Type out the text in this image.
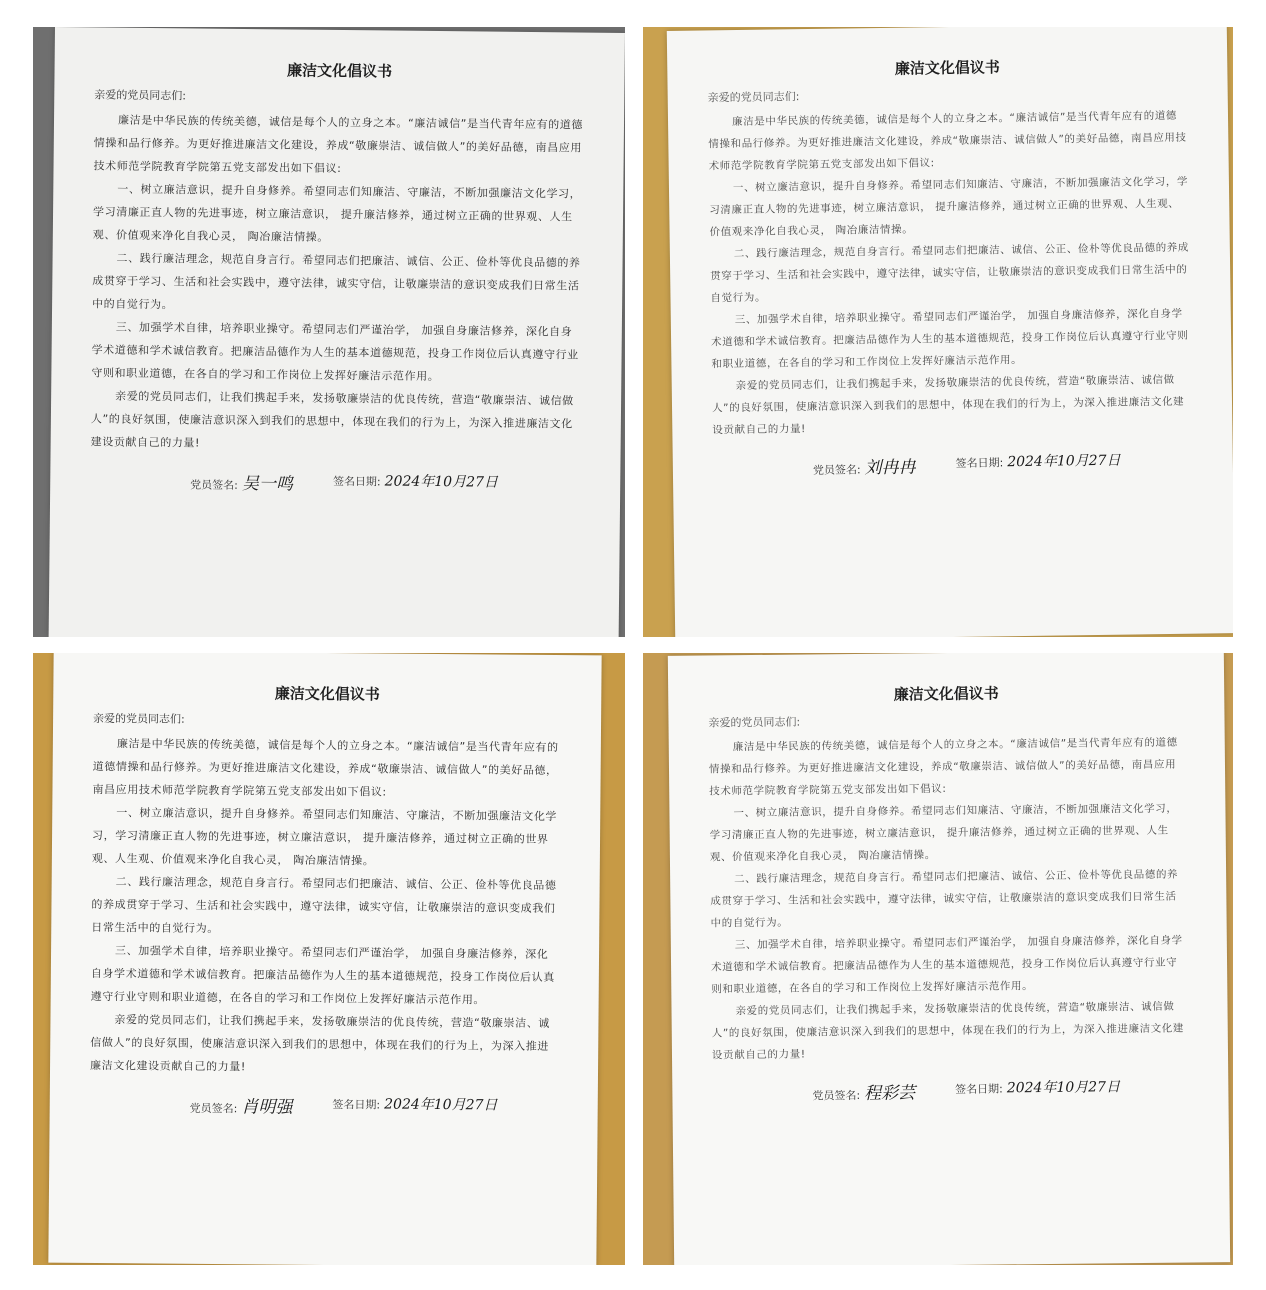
廉洁文化倡议书
亲爱的党员同志们:

廉洁是中华民族的传统美德，诚信是每个人的立身之本。“廉洁诚信”是当代青年应有的道德情操和品行修养。为更好推进廉洁文化建设，养成“敬廉崇洁、诚信做人”的美好品德，南昌应用技术师范学院教育学院第五党支部发出如下倡议:

一、树立廉洁意识，提升自身修养。希望同志们知廉洁、守廉洁，不断加强廉洁文化学习，学习清廉正直人物的先进事迹，树立廉洁意识， 提升廉洁修养，通过树立正确的世界观、人生观、价值观来净化自我心灵， 陶冶廉洁情操。

二、践行廉洁理念，规范自身言行。希望同志们把廉洁、诚信、公正、俭朴等优良品德的养成贯穿于学习、生活和社会实践中，遵守法律，诚实守信，让敬廉崇洁的意识变成我们日常生活中的自觉行为。

三、加强学术自律，培养职业操守。希望同志们严谨治学， 加强自身廉洁修养，深化自身学术道德和学术诚信教育。把廉洁品德作为人生的基本道德规范，投身工作岗位后认真遵守行业守则和职业道德，在各自的学习和工作岗位上发挥好廉洁示范作用。

亲爱的党员同志们，让我们携起手来，发扬敬廉崇洁的优良传统，营造“敬廉崇洁、诚信做人”的良好氛围，使廉洁意识深入到我们的思想中，体现在我们的行为上，为深入推进廉洁文化建设贡献自己的力量!

党员签名: 吴一鸣	签名日期: 2024年10月27日
廉洁文化倡议书
亲爱的党员同志们:

廉洁是中华民族的传统美德，诚信是每个人的立身之本。“廉洁诚信”是当代青年应有的道德情操和品行修养。为更好推进廉洁文化建设，养成“敬廉崇洁、诚信做人”的美好品德，南昌应用技术师范学院教育学院第五党支部发出如下倡议:

一、树立廉洁意识，提升自身修养。希望同志们知廉洁、守廉洁，不断加强廉洁文化学习，学习清廉正直人物的先进事迹，树立廉洁意识， 提升廉洁修养，通过树立正确的世界观、人生观、价值观来净化自我心灵， 陶冶廉洁情操。

二、践行廉洁理念，规范自身言行。希望同志们把廉洁、诚信、公正、俭朴等优良品德的养成贯穿于学习、生活和社会实践中，遵守法律，诚实守信，让敬廉崇洁的意识变成我们日常生活中的自觉行为。

三、加强学术自律，培养职业操守。希望同志们严谨治学， 加强自身廉洁修养，深化自身学术道德和学术诚信教育。把廉洁品德作为人生的基本道德规范，投身工作岗位后认真遵守行业守则和职业道德，在各自的学习和工作岗位上发挥好廉洁示范作用。

亲爱的党员同志们，让我们携起手来，发扬敬廉崇洁的优良传统，营造“敬廉崇洁、诚信做人”的良好氛围，使廉洁意识深入到我们的思想中，体现在我们的行为上，为深入推进廉洁文化建设贡献自己的力量!

党员签名: 刘冉冉	签名日期: 2024年10月27日
廉洁文化倡议书
亲爱的党员同志们:

廉洁是中华民族的传统美德，诚信是每个人的立身之本。“廉洁诚信”是当代青年应有的道德情操和品行修养。为更好推进廉洁文化建设，养成“敬廉崇洁、诚信做人”的美好品德，南昌应用技术师范学院教育学院第五党支部发出如下倡议:

一、树立廉洁意识，提升自身修养。希望同志们知廉洁、守廉洁，不断加强廉洁文化学习，学习清廉正直人物的先进事迹，树立廉洁意识， 提升廉洁修养，通过树立正确的世界观、人生观、价值观来净化自我心灵， 陶冶廉洁情操。

二、践行廉洁理念，规范自身言行。希望同志们把廉洁、诚信、公正、俭朴等优良品德的养成贯穿于学习、生活和社会实践中，遵守法律，诚实守信，让敬廉崇洁的意识变成我们日常生活中的自觉行为。

三、加强学术自律，培养职业操守。希望同志们严谨治学， 加强自身廉洁修养，深化自身学术道德和学术诚信教育。把廉洁品德作为人生的基本道德规范，投身工作岗位后认真遵守行业守则和职业道德，在各自的学习和工作岗位上发挥好廉洁示范作用。

亲爱的党员同志们，让我们携起手来，发扬敬廉崇洁的优良传统，营造“敬廉崇洁、诚信做人”的良好氛围，使廉洁意识深入到我们的思想中，体现在我们的行为上，为深入推进廉洁文化建设贡献自己的力量!

党员签名: 肖明强	签名日期: 2024年10月27日
廉洁文化倡议书
亲爱的党员同志们:

廉洁是中华民族的传统美德，诚信是每个人的立身之本。“廉洁诚信”是当代青年应有的道德情操和品行修养。为更好推进廉洁文化建设，养成“敬廉崇洁、诚信做人”的美好品德，南昌应用技术师范学院教育学院第五党支部发出如下倡议:

一、树立廉洁意识，提升自身修养。希望同志们知廉洁、守廉洁，不断加强廉洁文化学习，学习清廉正直人物的先进事迹，树立廉洁意识， 提升廉洁修养，通过树立正确的世界观、人生观、价值观来净化自我心灵， 陶冶廉洁情操。

二、践行廉洁理念，规范自身言行。希望同志们把廉洁、诚信、公正、俭朴等优良品德的养成贯穿于学习、生活和社会实践中，遵守法律，诚实守信，让敬廉崇洁的意识变成我们日常生活中的自觉行为。

三、加强学术自律，培养职业操守。希望同志们严谨治学， 加强自身廉洁修养，深化自身学术道德和学术诚信教育。把廉洁品德作为人生的基本道德规范，投身工作岗位后认真遵守行业守则和职业道德，在各自的学习和工作岗位上发挥好廉洁示范作用。

亲爱的党员同志们，让我们携起手来，发扬敬廉崇洁的优良传统，营造“敬廉崇洁、诚信做人”的良好氛围，使廉洁意识深入到我们的思想中，体现在我们的行为上，为深入推进廉洁文化建设贡献自己的力量!

党员签名: 程彩芸	签名日期: 2024年10月27日
